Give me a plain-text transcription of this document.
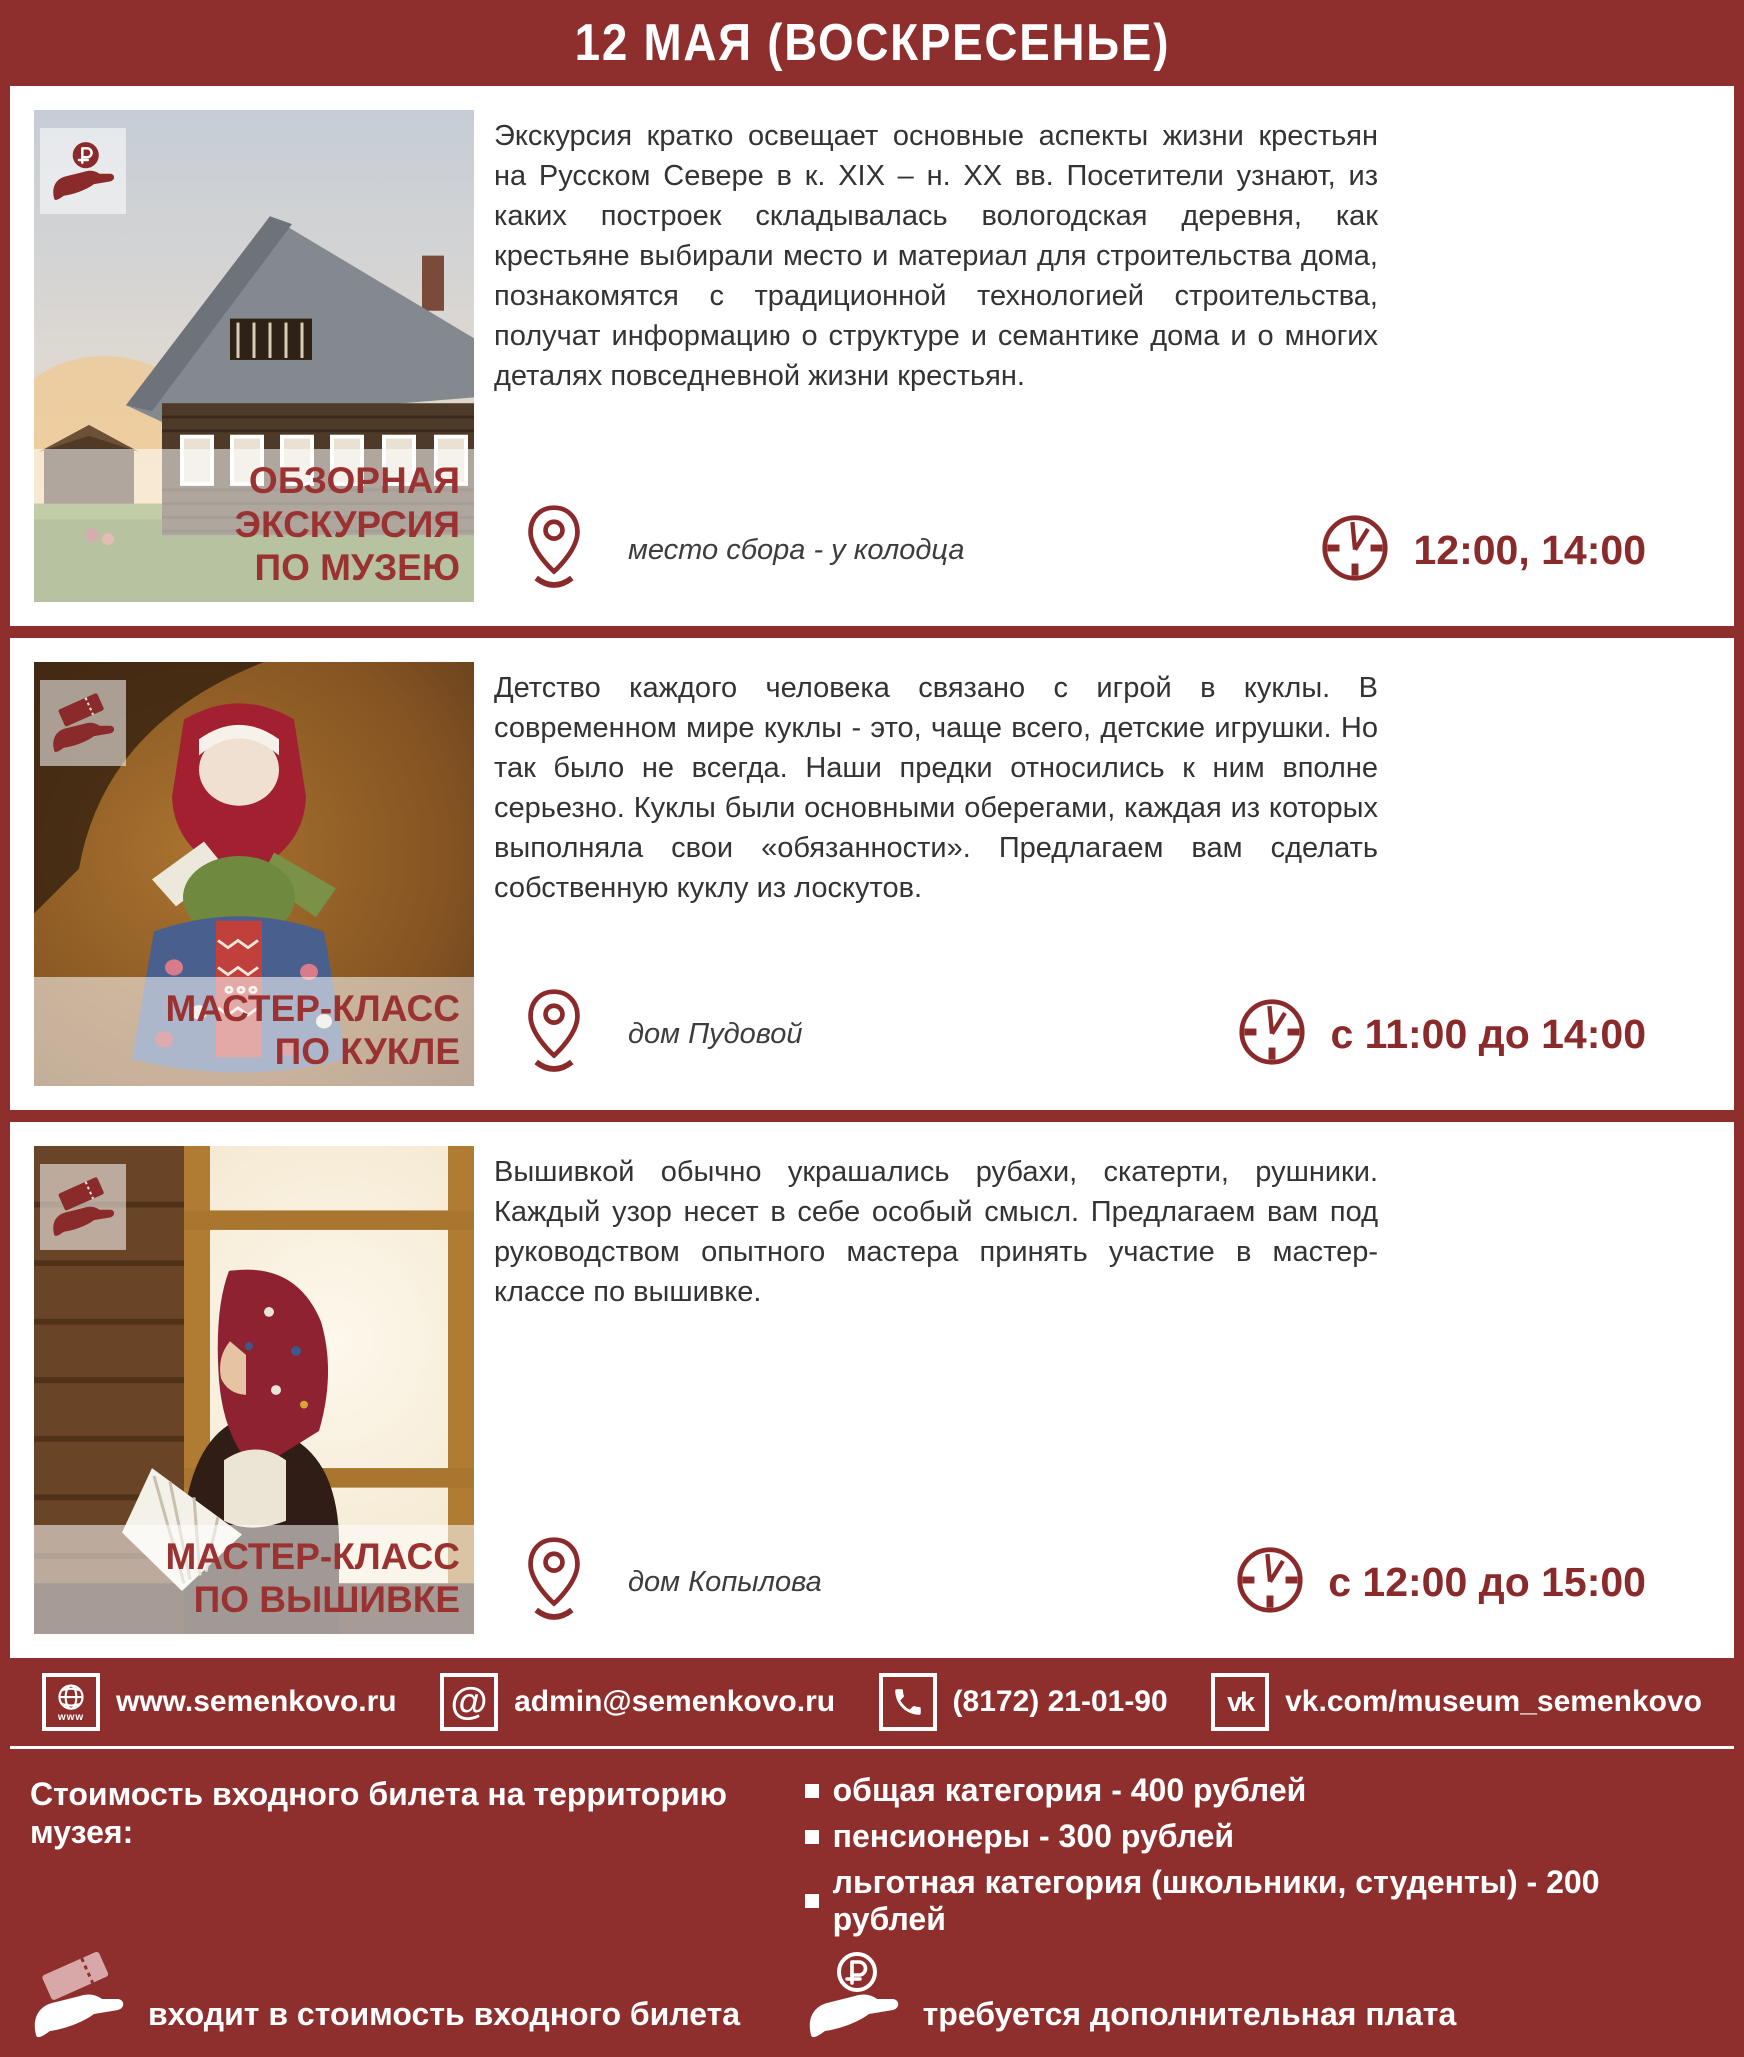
12 МАЯ (ВОСКРЕСЕНЬЕ)
ОБЗОРНАЯ ЭКСКУРСИЯ
ПО МУЗЕЮ
Экскурсия кратко освещает основные аспекты жизни крестьян на Русском Севере в к. XIX – н. XX вв. Посетители узнают, из каких построек складывалась вологодская деревня, как крестьяне выбирали место и материал для строительства дома, познакомятся с традиционной технологией строительства, получат информацию о структуре и семантике дома и о многих деталях повседневной жизни крестьян.
место сбора - у колодца	12:00, 14:00
МАСТЕР-КЛАСС
ПО КУКЛЕ
Детство каждого человека связано с игрой в куклы. В современном мире куклы - это, чаще всего, детские игрушки. Но так было не всегда. Наши предки относились к ним вполне серьезно. Куклы были основными оберегами, каждая из которых выполняла свои «обязанности». Предлагаем вам сделать собственную куклу из лоскутов.
дом Пудовой	с 11:00 до 14:00
МАСТЕР-КЛАСС
ПО ВЫШИВКЕ
Вышивкой обычно украшались рубахи, скатерти, рушники. Каждый узор несет в себе особый смысл. Предлагаем вам под руководством опытного мастера принять участие в мастер-классе по вышивке.
дом Копылова	с 12:00 до 15:00
www www.semenkovo.ru @ admin@semenkovo.ru	(8172) 21-01-90 vk vk.com/museum_semenkovo
Стоимость входного билета на территорию музея:
общая категория - 400 рублей
пенсионеры - 300 рублей
льготная категория (школьники, студенты) - 200 рублей
входит в стоимость входного билета	требуется дополнительная плата
